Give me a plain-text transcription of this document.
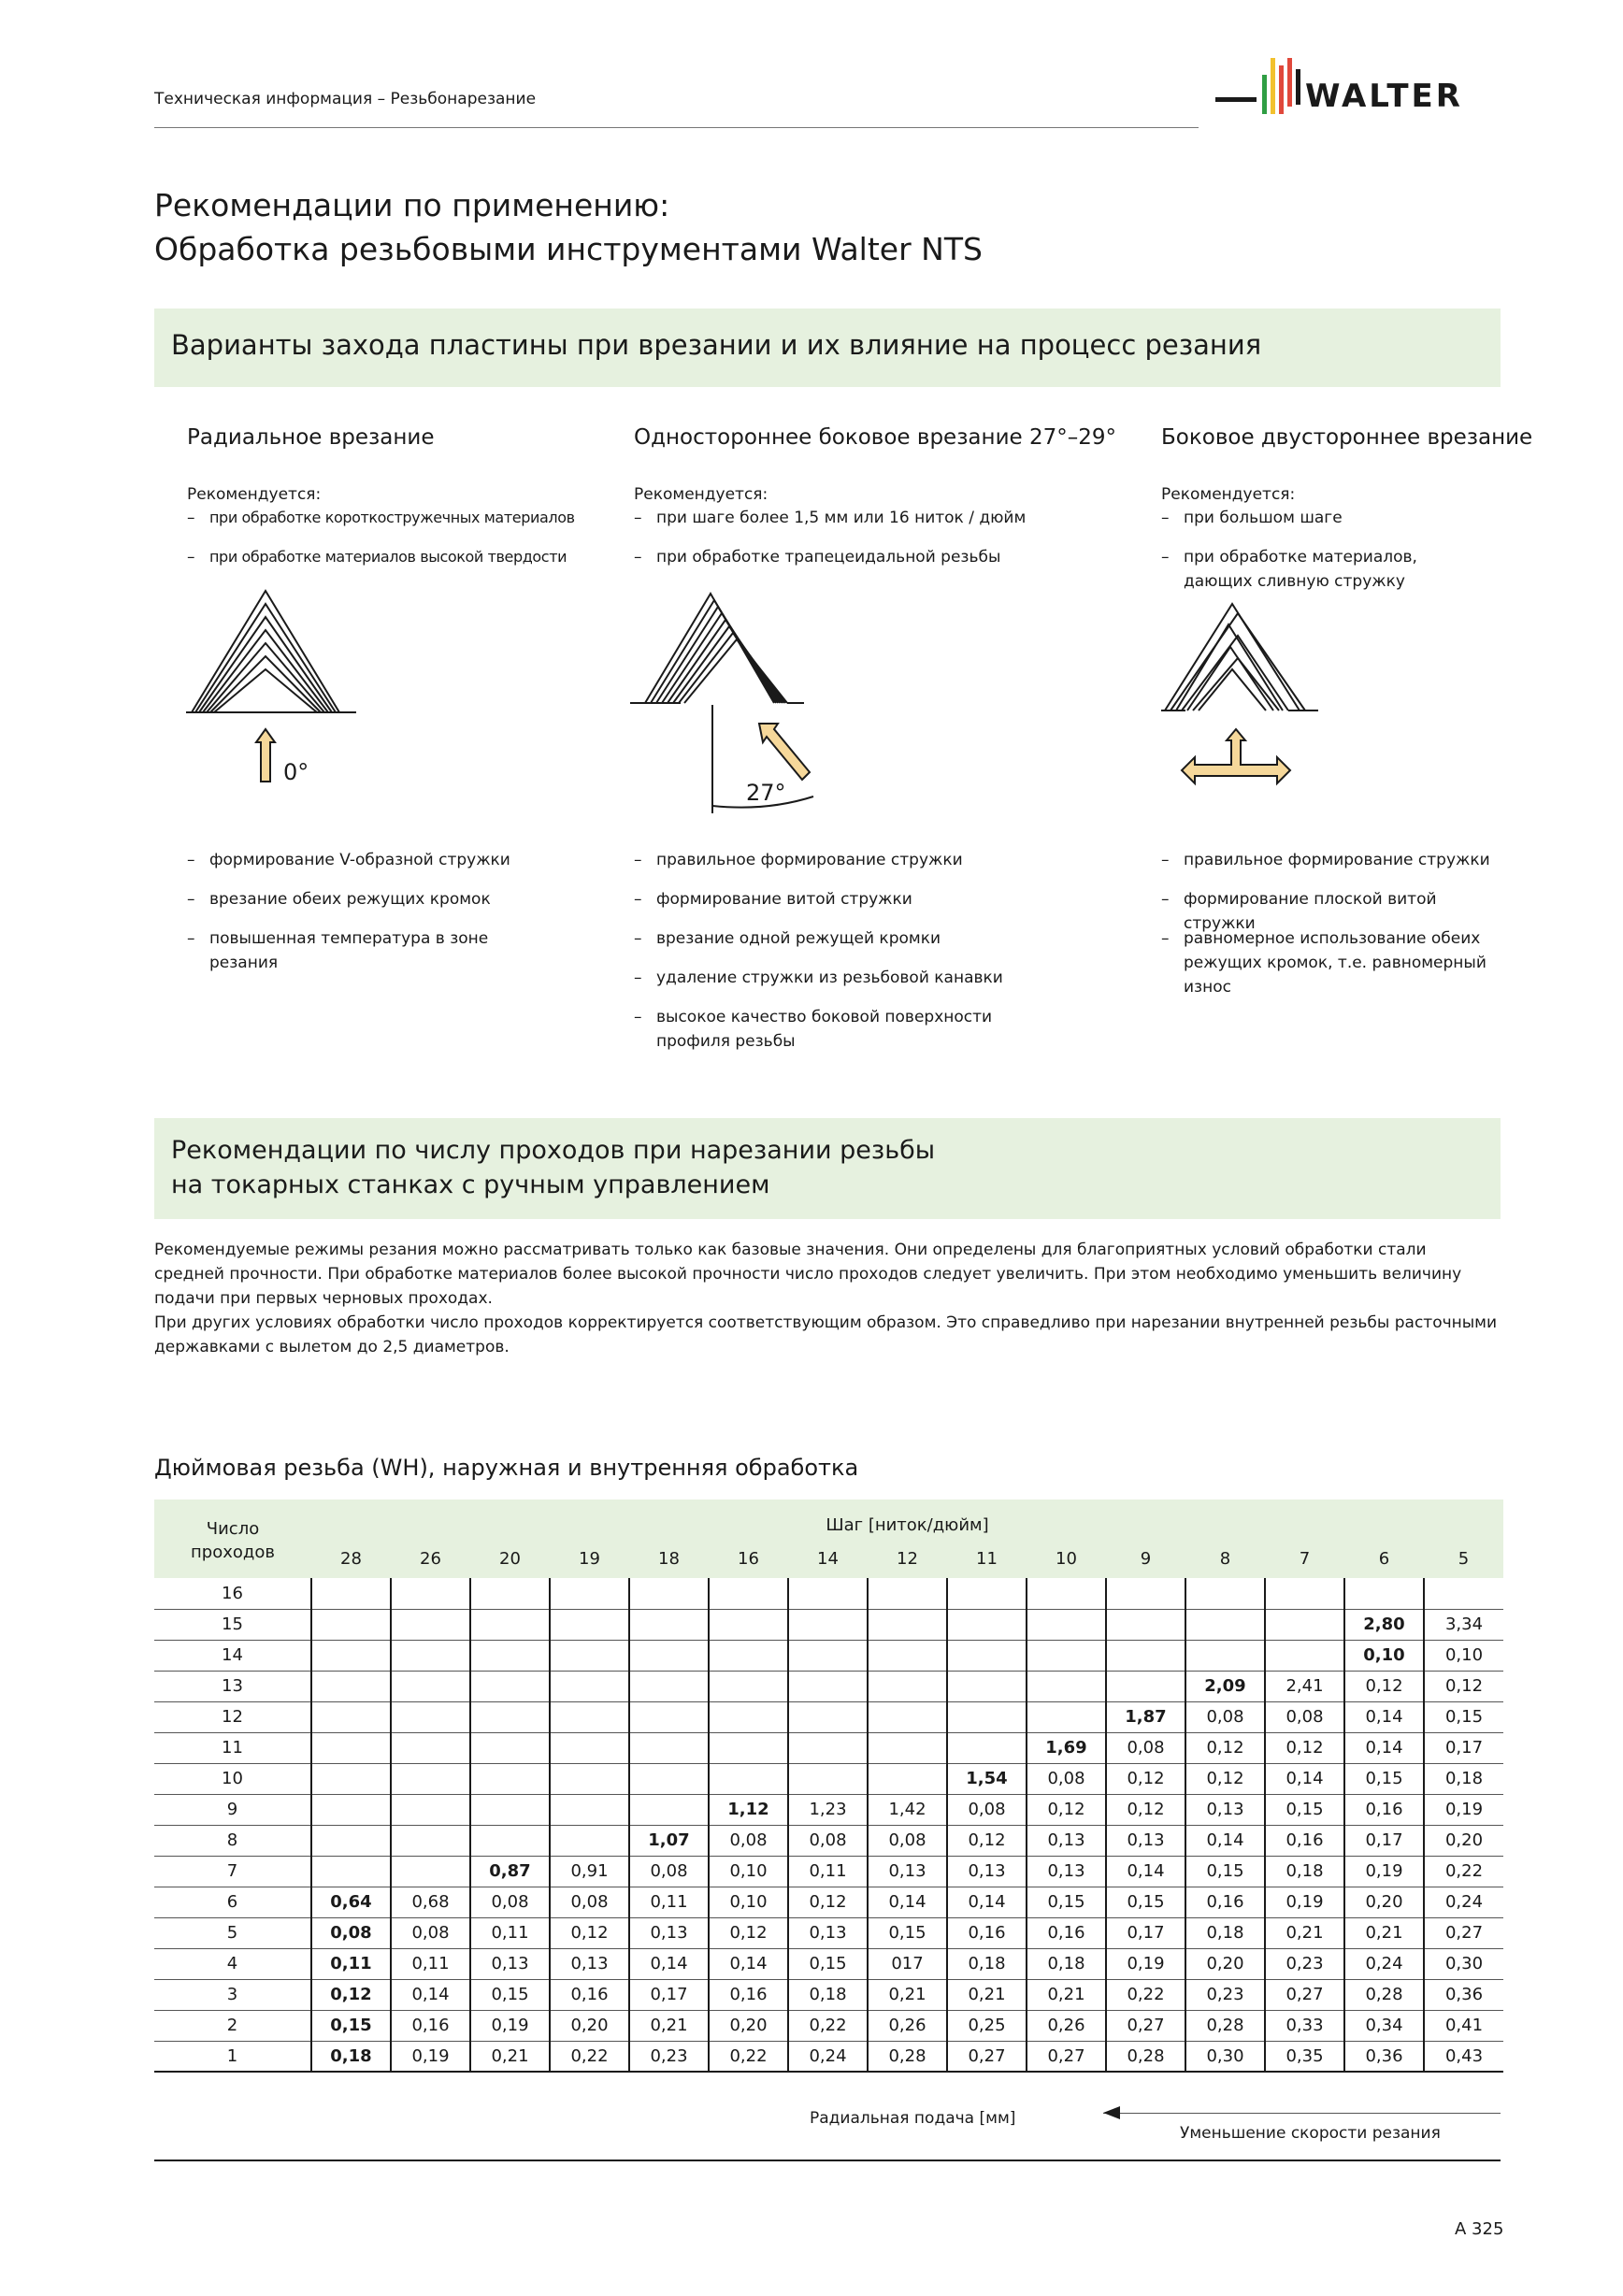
Техническая информация – Резьбонарезание	WALTER
Рекомендации по применению:
Обработка резьбовыми инструментами Walter NTS
Варианты захода пластины при врезании и их влияние на процесс резания
Радиальное врезание
Рекомендуется:
– при обработке короткостружечных материалов
– при обработке материалов высокой твердости
– формирование V-образной стружки
– врезание обеих режущих кромок
– повышенная температура в зоне резания
Одностороннее боковое врезание 27°–29°
Рекомендуется:
– при шаге более 1,5 мм или 16 ниток / дюйм
– при обработке трапецеидальной резьбы
– правильное формирование стружки
– формирование витой стружки
– врезание одной режущей кромки
– удаление стружки из резьбовой канавки
– высокое качество боковой поверхности профиля резьбы
Боковое двустороннее врезание
Рекомендуется:
– при большом шаге
– при обработке материалов, дающих сливную стружку
– правильное формирование стружки
– формирование плоской витой стружки
– равномерное использование обеих режущих кромок, т.е. равномерный износ
0°
27°
Рекомендации по числу проходов при нарезании резьбы
на токарных станках с ручным управлением

Рекомендуемые режимы резания можно рассматривать только как базовые значения. Они определены для благоприятных условий обработки стали средней прочности. При обработке материалов более высокой прочности число проходов следует увеличить. При этом необходимо уменьшить величину подачи при первых черновых проходах.

При других условиях обработки число проходов корректируется соответствующим образом. Это справедливо при нарезании внутренней резьбы расточными державками с вылетом до 2,5 диаметров.

Дюймовая резьба (WH), наружная и внутренняя обработка
Число
проходов	Шаг [ниток/дюйм]														
	28	26	20	19	18	16	14	12	11	10	9	8	7	6	5
16															
15														2,80	3,34
14														0,10	0,10
13												2,09	2,41	0,12	0,12
12											1,87	0,08	0,08	0,14	0,15
11										1,69	0,08	0,12	0,12	0,14	0,17
10									1,54	0,08	0,12	0,12	0,14	0,15	0,18
9						1,12	1,23	1,42	0,08	0,12	0,12	0,13	0,15	0,16	0,19
8					1,07	0,08	0,08	0,08	0,12	0,13	0,13	0,14	0,16	0,17	0,20
7			0,87	0,91	0,08	0,10	0,11	0,13	0,13	0,13	0,14	0,15	0,18	0,19	0,22
6	0,64	0,68	0,08	0,08	0,11	0,10	0,12	0,14	0,14	0,15	0,15	0,16	0,19	0,20	0,24
5	0,08	0,08	0,11	0,12	0,13	0,12	0,13	0,15	0,16	0,16	0,17	0,18	0,21	0,21	0,27
4	0,11	0,11	0,13	0,13	0,14	0,14	0,15	017	0,18	0,18	0,19	0,20	0,23	0,24	0,30
3	0,12	0,14	0,15	0,16	0,17	0,16	0,18	0,21	0,21	0,21	0,22	0,23	0,27	0,28	0,36
2	0,15	0,16	0,19	0,20	0,21	0,20	0,22	0,26	0,25	0,26	0,27	0,28	0,33	0,34	0,41
1	0,18	0,19	0,21	0,22	0,23	0,22	0,24	0,28	0,27	0,27	0,28	0,30	0,35	0,36	0,43
Радиальная подача [мм]
Уменьшение скорости резания
A 325
